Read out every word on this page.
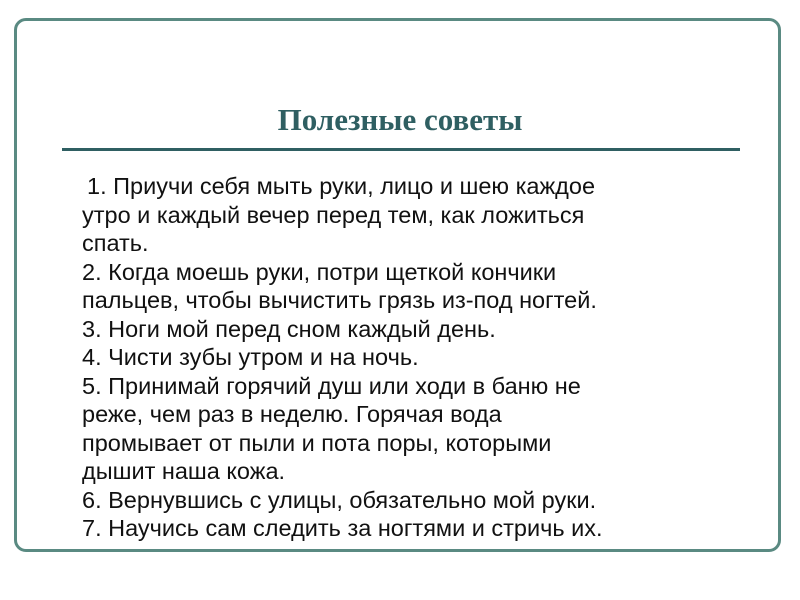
Полезные советы
1. Приучи себя мыть руки, лицо и шею каждое
утро и каждый вечер перед тем, как ложиться
спать.
2. Когда моешь руки, потри щеткой кончики
пальцев, чтобы вычистить грязь из-под ногтей.
3. Ноги мой перед сном каждый день.
4. Чисти зубы утром и на ночь.
5. Принимай горячий душ или ходи в баню не
реже, чем раз в неделю. Горячая вода
промывает от пыли и пота поры, которыми
дышит наша кожа.
6. Вернувшись с улицы, обязательно мой руки.
7. Научись сам следить за ногтями и стричь их.
